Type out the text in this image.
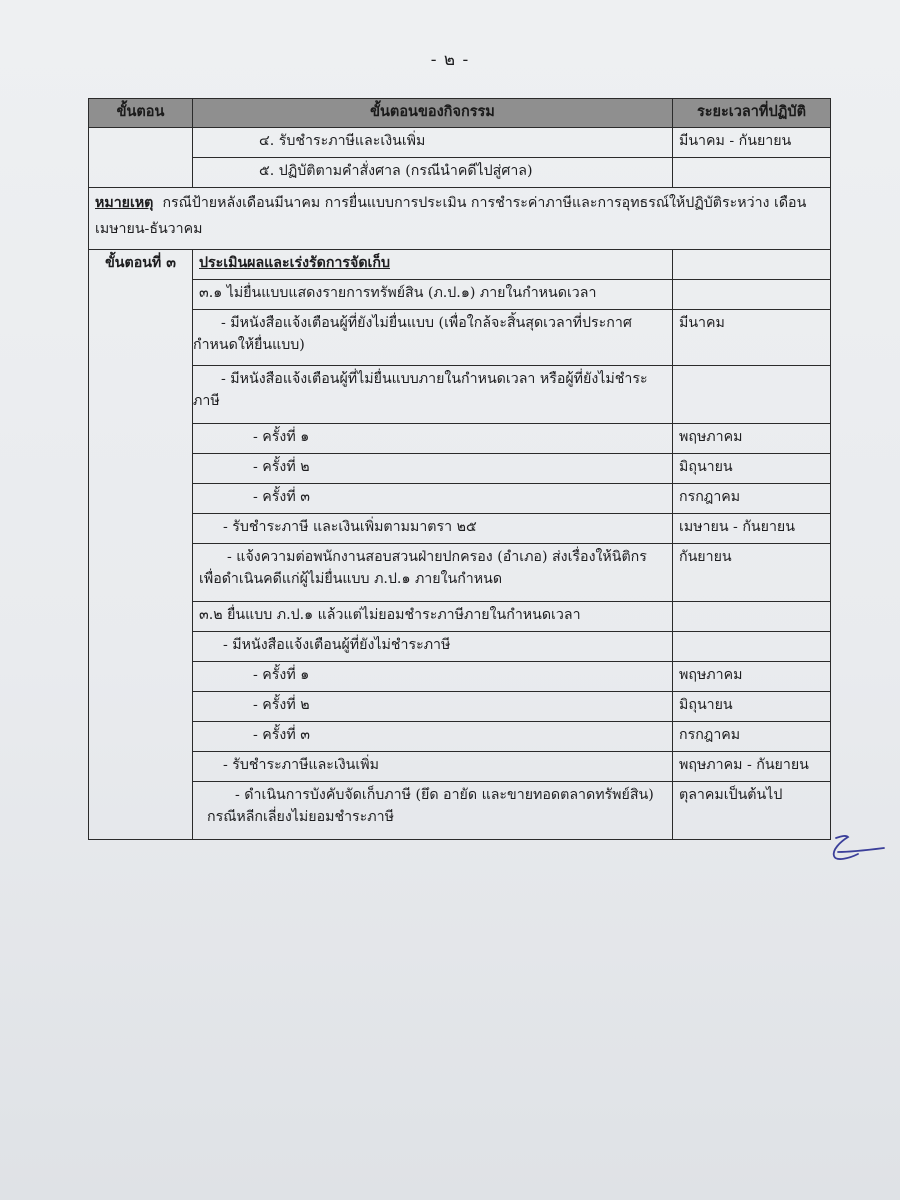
- ๒ -
ขั้นตอน	ขั้นตอนของกิจกรรม	ระยะเวลาที่ปฏิบัติ
	๔. รับชำระภาษีและเงินเพิ่ม	มีนาคม - กันยายน
	๕. ปฏิบัติตามคำสั่งศาล (กรณีนำคดีไปสู่ศาล)	
หมายเหตุ กรณีป้ายหลังเดือนมีนาคม การยื่นแบบการประเมิน การชำระค่าภาษีและการอุทธรณ์ให้ปฏิบัติระหว่าง เดือนเมษายน-ธันวาคม		
ขั้นตอนที่ ๓	ประเมินผลและเร่งรัดการจัดเก็บ	
	๓.๑ ไม่ยื่นแบบแสดงรายการทรัพย์สิน (ภ.ป.๑) ภายในกำหนดเวลา	

	- มีหนังสือแจ้งเตือนผู้ที่ยังไม่ยื่นแบบ (เพื่อใกล้จะสิ้นสุดเวลาที่ประกาศกำหนดให้ยื่นแบบ)	มีนาคม

	- มีหนังสือแจ้งเตือนผู้ที่ไม่ยื่นแบบภายในกำหนดเวลา หรือผู้ที่ยังไม่ชำระภาษี	

	- ครั้งที่ ๑	พฤษภาคม
	- ครั้งที่ ๒	มิถุนายน
	- ครั้งที่ ๓	กรกฎาคม
	- รับชำระภาษี และเงินเพิ่มตามมาตรา ๒๕	เมษายน - กันยายน

	- แจ้งความต่อพนักงานสอบสวนฝ่ายปกครอง (อำเภอ) ส่งเรื่องให้นิติกร เพื่อดำเนินคดีแก่ผู้ไม่ยื่นแบบ ภ.ป.๑ ภายในกำหนด	กันยายน
	๓.๒ ยื่นแบบ ภ.ป.๑ แล้วแต่ไม่ยอมชำระภาษีภายในกำหนดเวลา	
	- มีหนังสือแจ้งเตือนผู้ที่ยังไม่ชำระภาษี	
	- ครั้งที่ ๑	พฤษภาคม
	- ครั้งที่ ๒	มิถุนายน
	- ครั้งที่ ๓	กรกฎาคม
	- รับชำระภาษีและเงินเพิ่ม	พฤษภาคม - กันยายน

	- ดำเนินการบังคับจัดเก็บภาษี (ยึด อายัด และขายทอดตลาดทรัพย์สิน) กรณีหลีกเลี่ยงไม่ยอมชำระภาษี	ตุลาคมเป็นต้นไป
